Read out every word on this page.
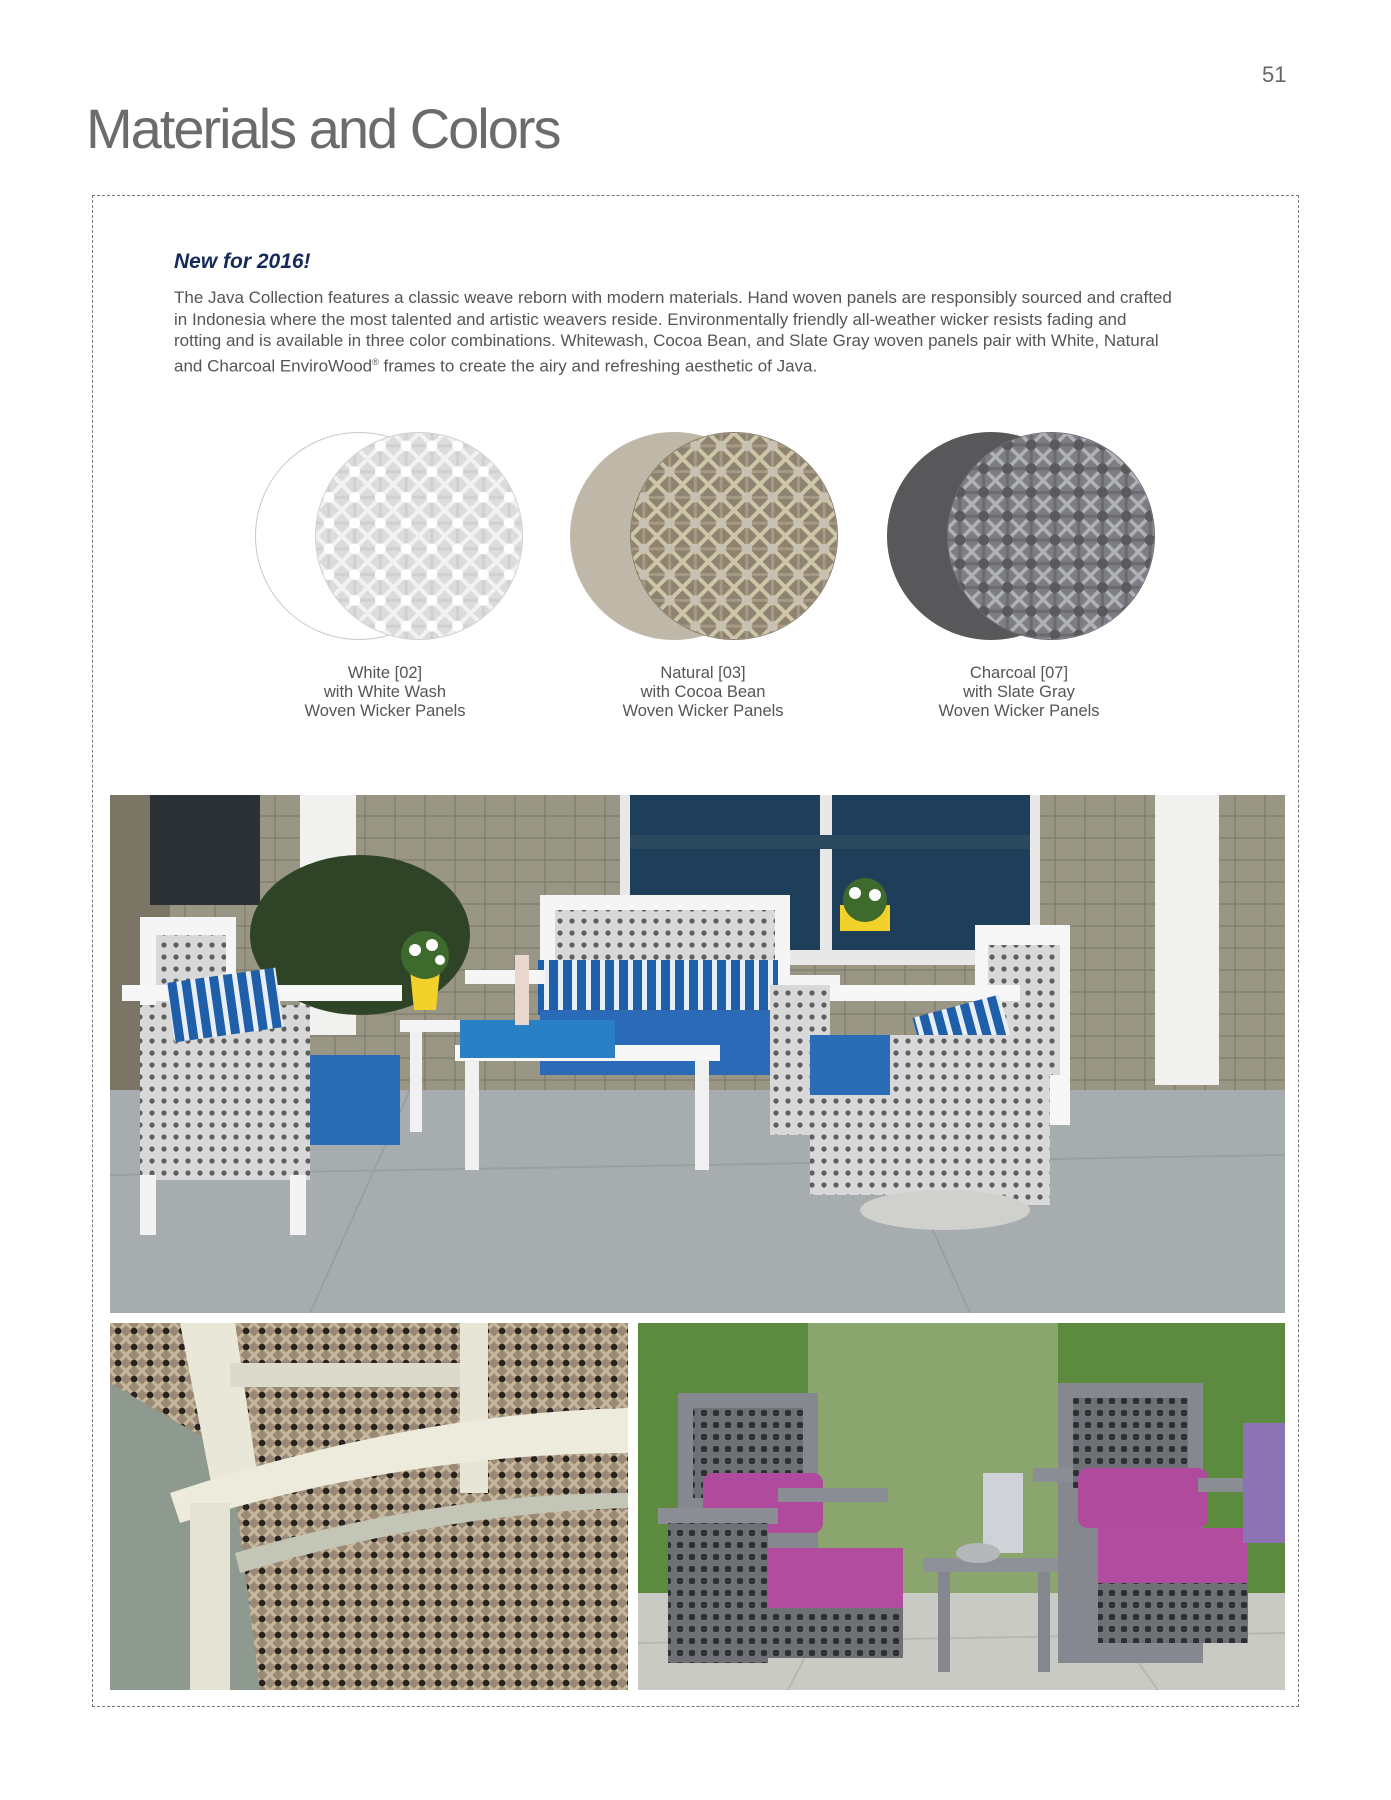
51
Materials and Colors
New for 2016!
The Java Collection features a classic weave reborn with modern materials. Hand woven panels are responsibly sourced and crafted in Indonesia where the most talented and artistic weavers reside. Environmentally friendly all-weather wicker resists fading and rotting and is available in three color combinations. Whitewash, Cocoa Bean, and Slate Gray woven panels pair with White, Natural and Charcoal EnviroWood® frames to create the airy and refreshing aesthetic of Java.
White [02]
with White Wash
Woven Wicker Panels
Natural [03]
with Cocoa Bean
Woven Wicker Panels
Charcoal [07]
with Slate Gray
Woven Wicker Panels
